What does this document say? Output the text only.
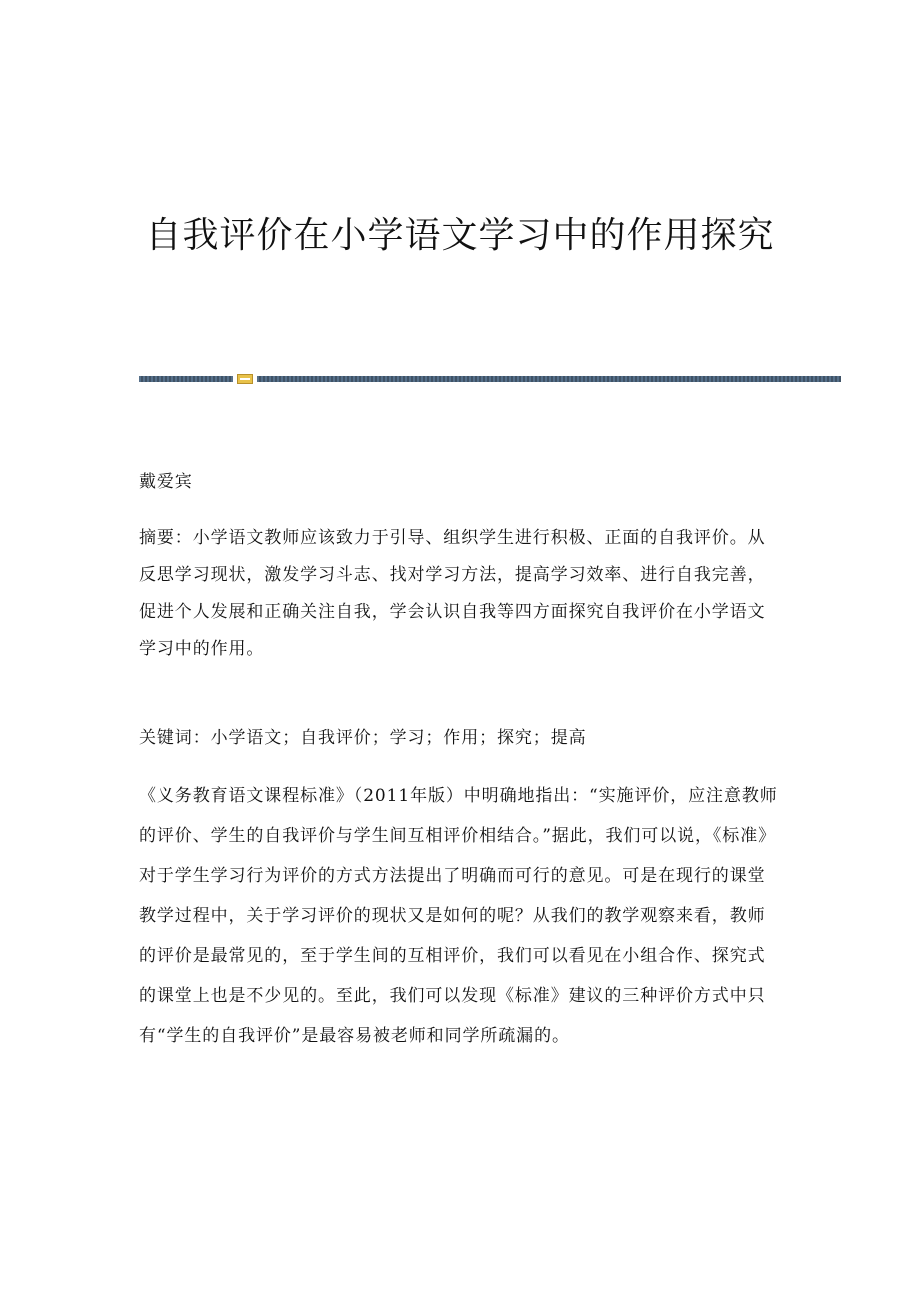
自我评价在小学语文学习中的作用探究

戴爱宾

摘要：小学语文教师应该致力于引导、组织学生进行积极、正面的自我评价。从反思学习现状，激发学习斗志、找对学习方法，提高学习效率、进行自我完善，促进个人发展和正确关注自我，学会认识自我等四方面探究自我评价在小学语文学习中的作用。

关键词：小学语文；自我评价；学习；作用；探究；提高

《义务教育语文课程标准》（2011年版）中明确地指出：“实施评价，应注意教师的评价、学生的自我评价与学生间互相评价相结合。”据此，我们可以说，《标准》对于学生学习行为评价的方式方法提出了明确而可行的意见。可是在现行的课堂教学过程中，关于学习评价的现状又是如何的呢？从我们的教学观察来看，教师的评价是最常见的，至于学生间的互相评价，我们可以看见在小组合作、探究式的课堂上也是不少见的。至此，我们可以发现《标准》建议的三种评价方式中只有“学生的自我评价”是最容易被老师和同学所疏漏的。
